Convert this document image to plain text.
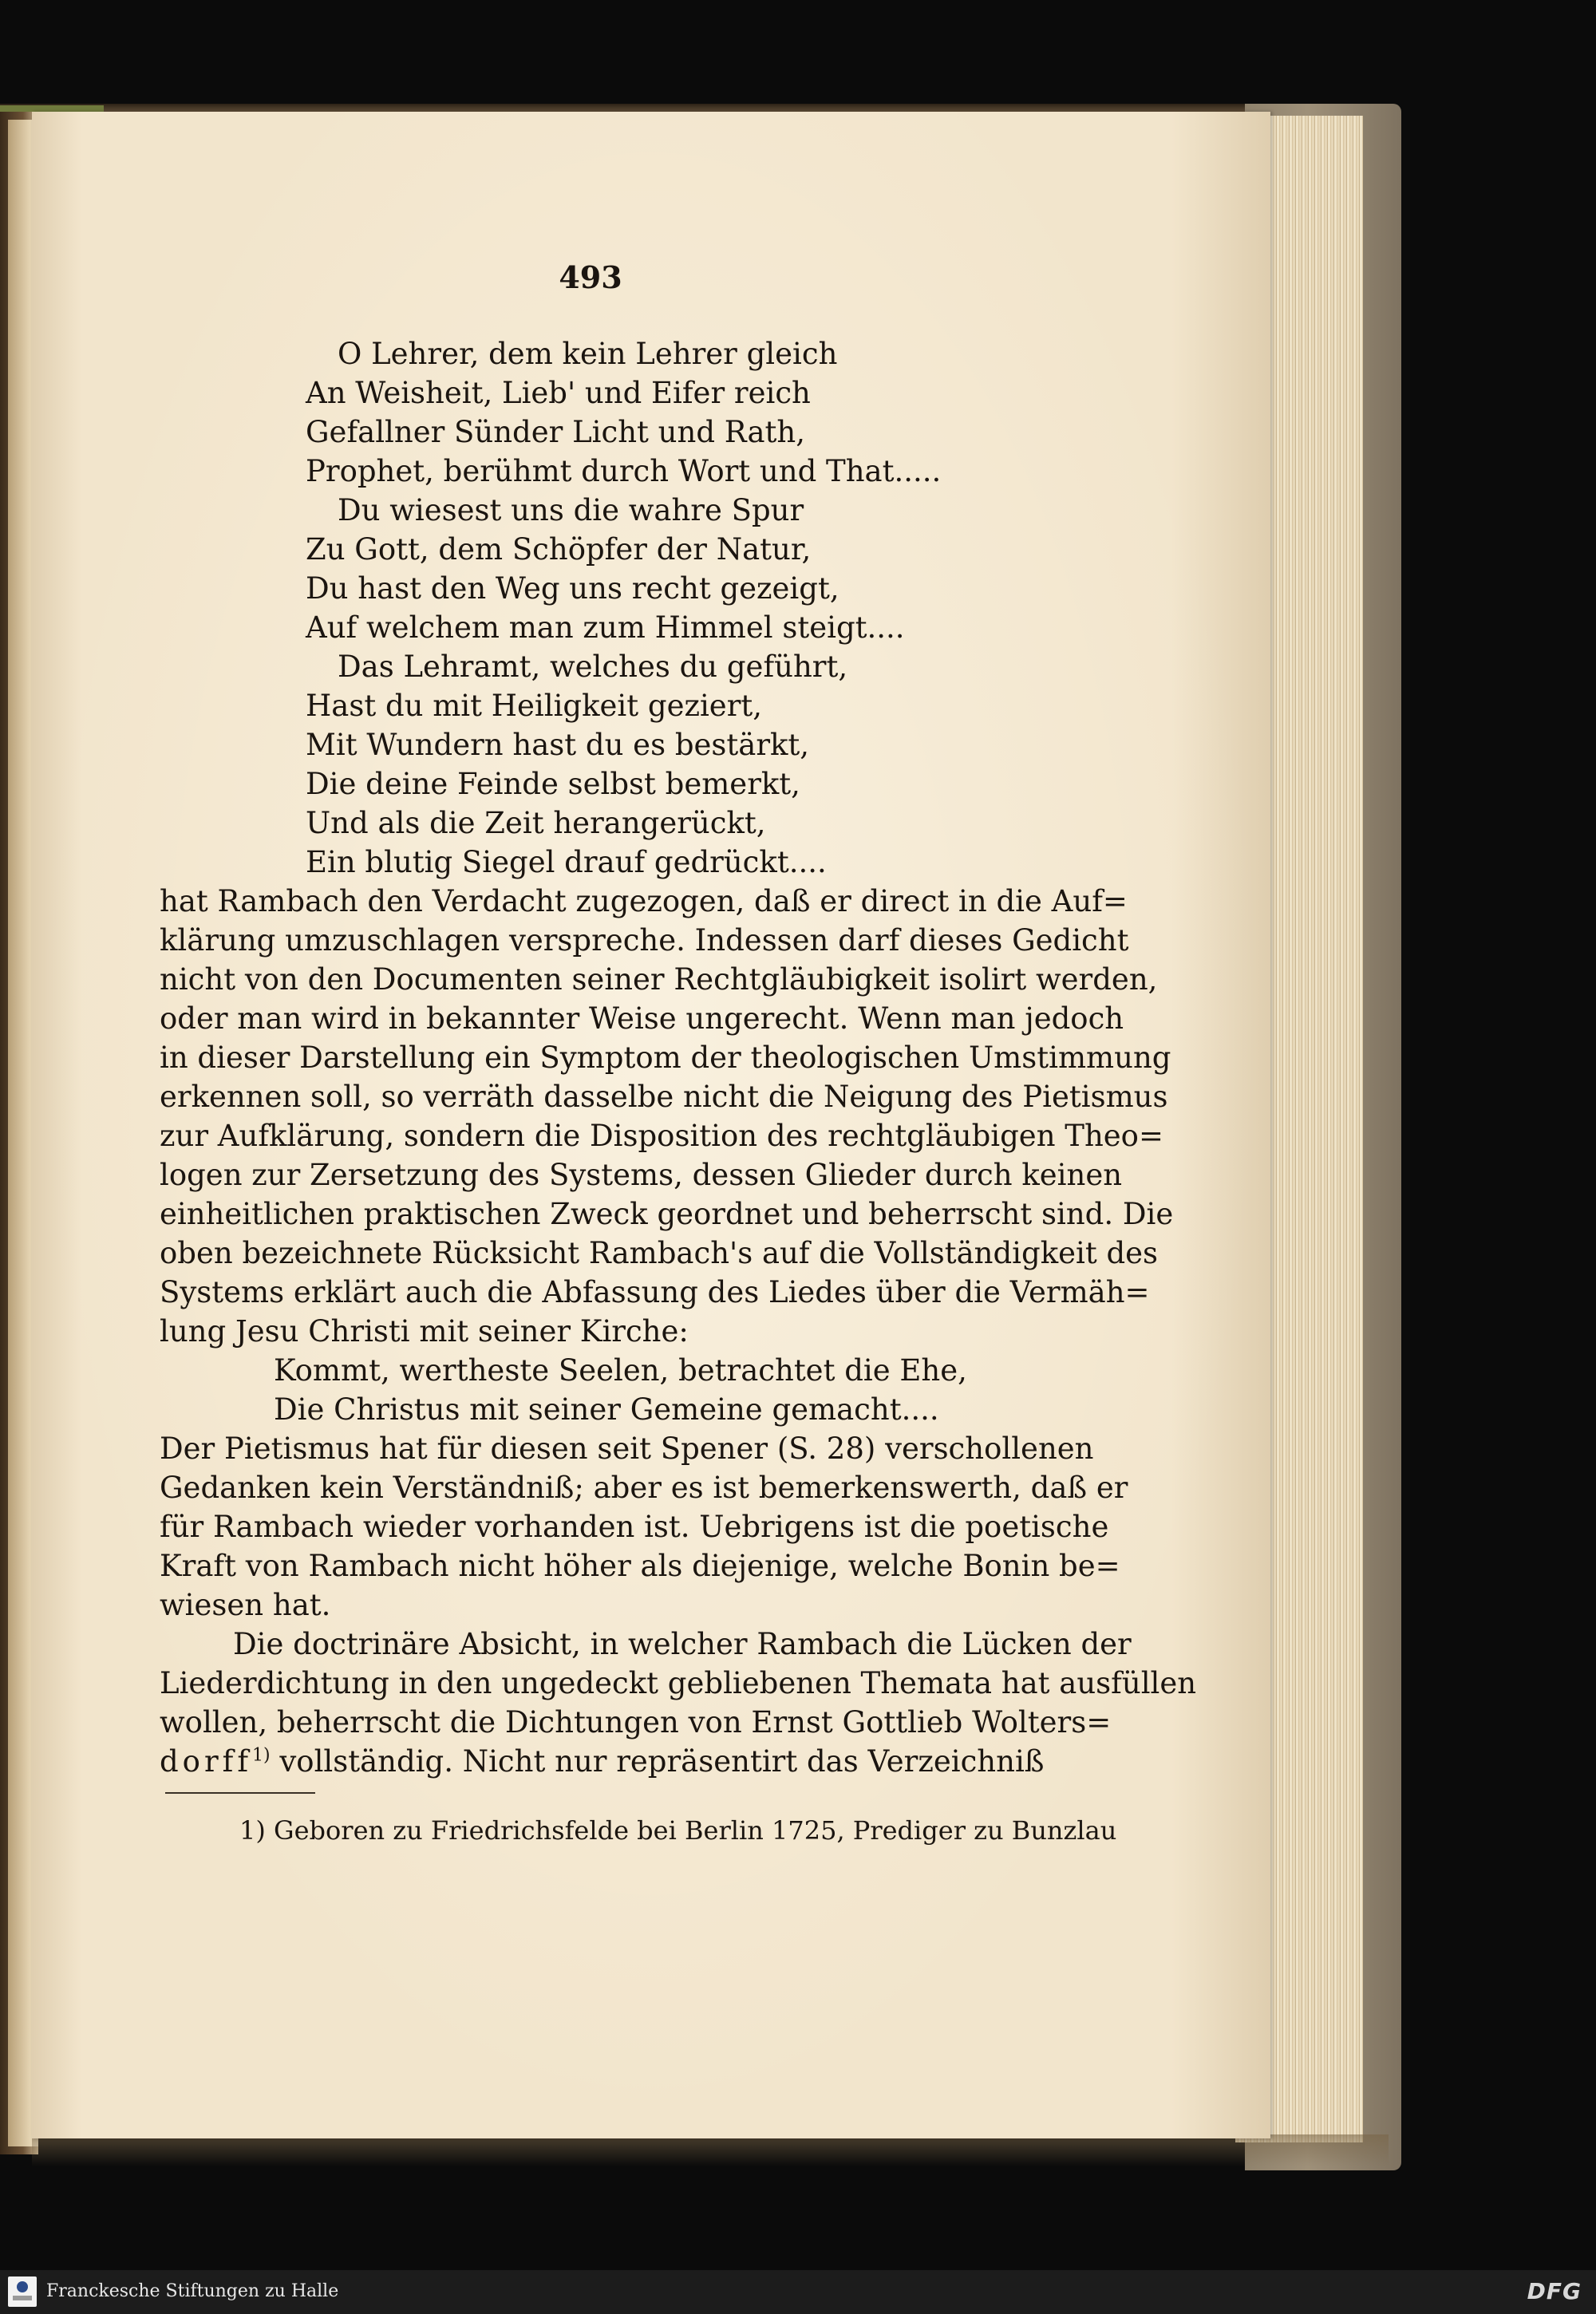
493
O Lehrer, dem kein Lehrer gleich
An Weisheit, Lieb' und Eifer reich
Gefallner Sünder Licht und Rath,
Prophet, berühmt durch Wort und That.....
Du wiesest uns die wahre Spur
Zu Gott, dem Schöpfer der Natur,
Du hast den Weg uns recht gezeigt,
Auf welchem man zum Himmel steigt....
Das Lehramt, welches du geführt,
Hast du mit Heiligkeit geziert,
Mit Wundern hast du es bestärkt,
Die deine Feinde selbst bemerkt,
Und als die Zeit herangerückt,
Ein blutig Siegel drauf gedrückt....
hat Rambach den Verdacht zugezogen, daß er direct in die Auf=
klärung umzuschlagen verspreche. Indessen darf dieses Gedicht
nicht von den Documenten seiner Rechtgläubigkeit isolirt werden,
oder man wird in bekannter Weise ungerecht. Wenn man jedoch
in dieser Darstellung ein Symptom der theologischen Umstimmung
erkennen soll, so verräth dasselbe nicht die Neigung des Pietismus
zur Aufklärung, sondern die Disposition des rechtgläubigen Theo=
logen zur Zersetzung des Systems, dessen Glieder durch keinen
einheitlichen praktischen Zweck geordnet und beherrscht sind. Die
oben bezeichnete Rücksicht Rambach's auf die Vollständigkeit des
Systems erklärt auch die Abfassung des Liedes über die Vermäh=
lung Jesu Christi mit seiner Kirche:
Kommt, wertheste Seelen, betrachtet die Ehe,
Die Christus mit seiner Gemeine gemacht....
Der Pietismus hat für diesen seit Spener (S. 28) verschollenen
Gedanken kein Verständniß; aber es ist bemerkenswerth, daß er
für Rambach wieder vorhanden ist. Uebrigens ist die poetische
Kraft von Rambach nicht höher als diejenige, welche Bonin be=
wiesen hat.
Die doctrinäre Absicht, in welcher Rambach die Lücken der
Liederdichtung in den ungedeckt gebliebenen Themata hat ausfüllen
wollen, beherrscht die Dichtungen von Ernst Gottlieb Wolters=
dorff$^{1)}$ vollständig. Nicht nur repräsentirt das Verzeichniß
1) Geboren zu Friedrichsfelde bei Berlin 1725, Prediger zu Bunzlau
Franckesche Stiftungen zu Halle	DFG
